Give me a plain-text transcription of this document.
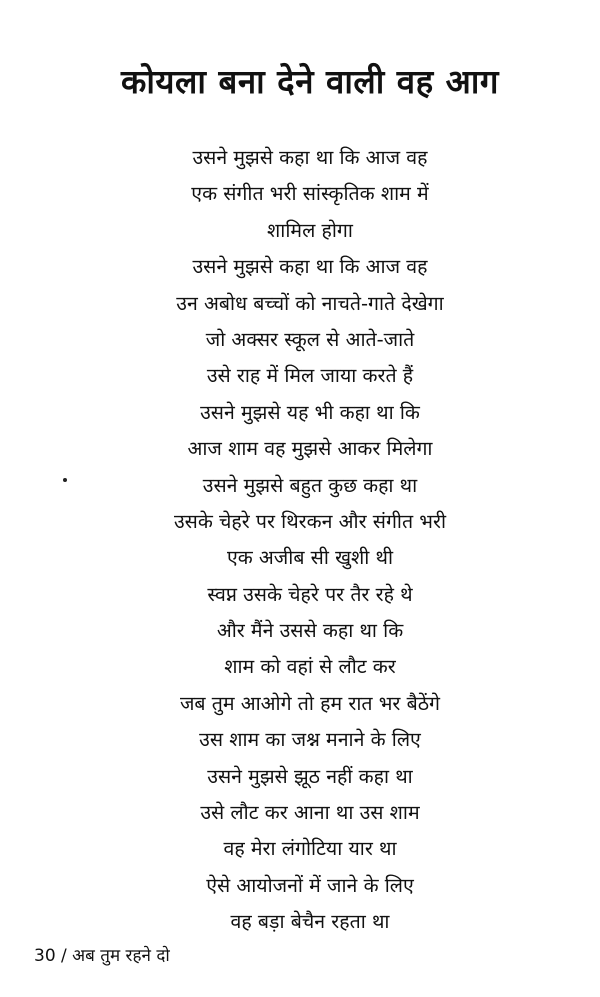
कोयला बना देने वाली वह आग
उसने मुझसे कहा था कि आज वह
एक संगीत भरी सांस्कृतिक शाम में
शामिल होगा
उसने मुझसे कहा था कि आज वह
उन अबोध बच्चों को नाचते-गाते देखेगा
जो अक्सर स्कूल से आते-जाते
उसे राह में मिल जाया करते हैं
उसने मुझसे यह भी कहा था कि
आज शाम वह मुझसे आकर मिलेगा
उसने मुझसे बहुत कुछ कहा था
उसके चेहरे पर थिरकन और संगीत भरी
एक अजीब सी खुशी थी
स्वप्न उसके चेहरे पर तैर रहे थे
और मैंने उससे कहा था कि
शाम को वहां से लौट कर
जब तुम आओगे तो हम रात भर बैठेंगे
उस शाम का जश्न मनाने के लिए
उसने मुझसे झूठ नहीं कहा था
उसे लौट कर आना था उस शाम
वह मेरा लंगोटिया यार था
ऐसे आयोजनों में जाने के लिए
वह बड़ा बेचैन रहता था
30 / अब तुम रहने दो
